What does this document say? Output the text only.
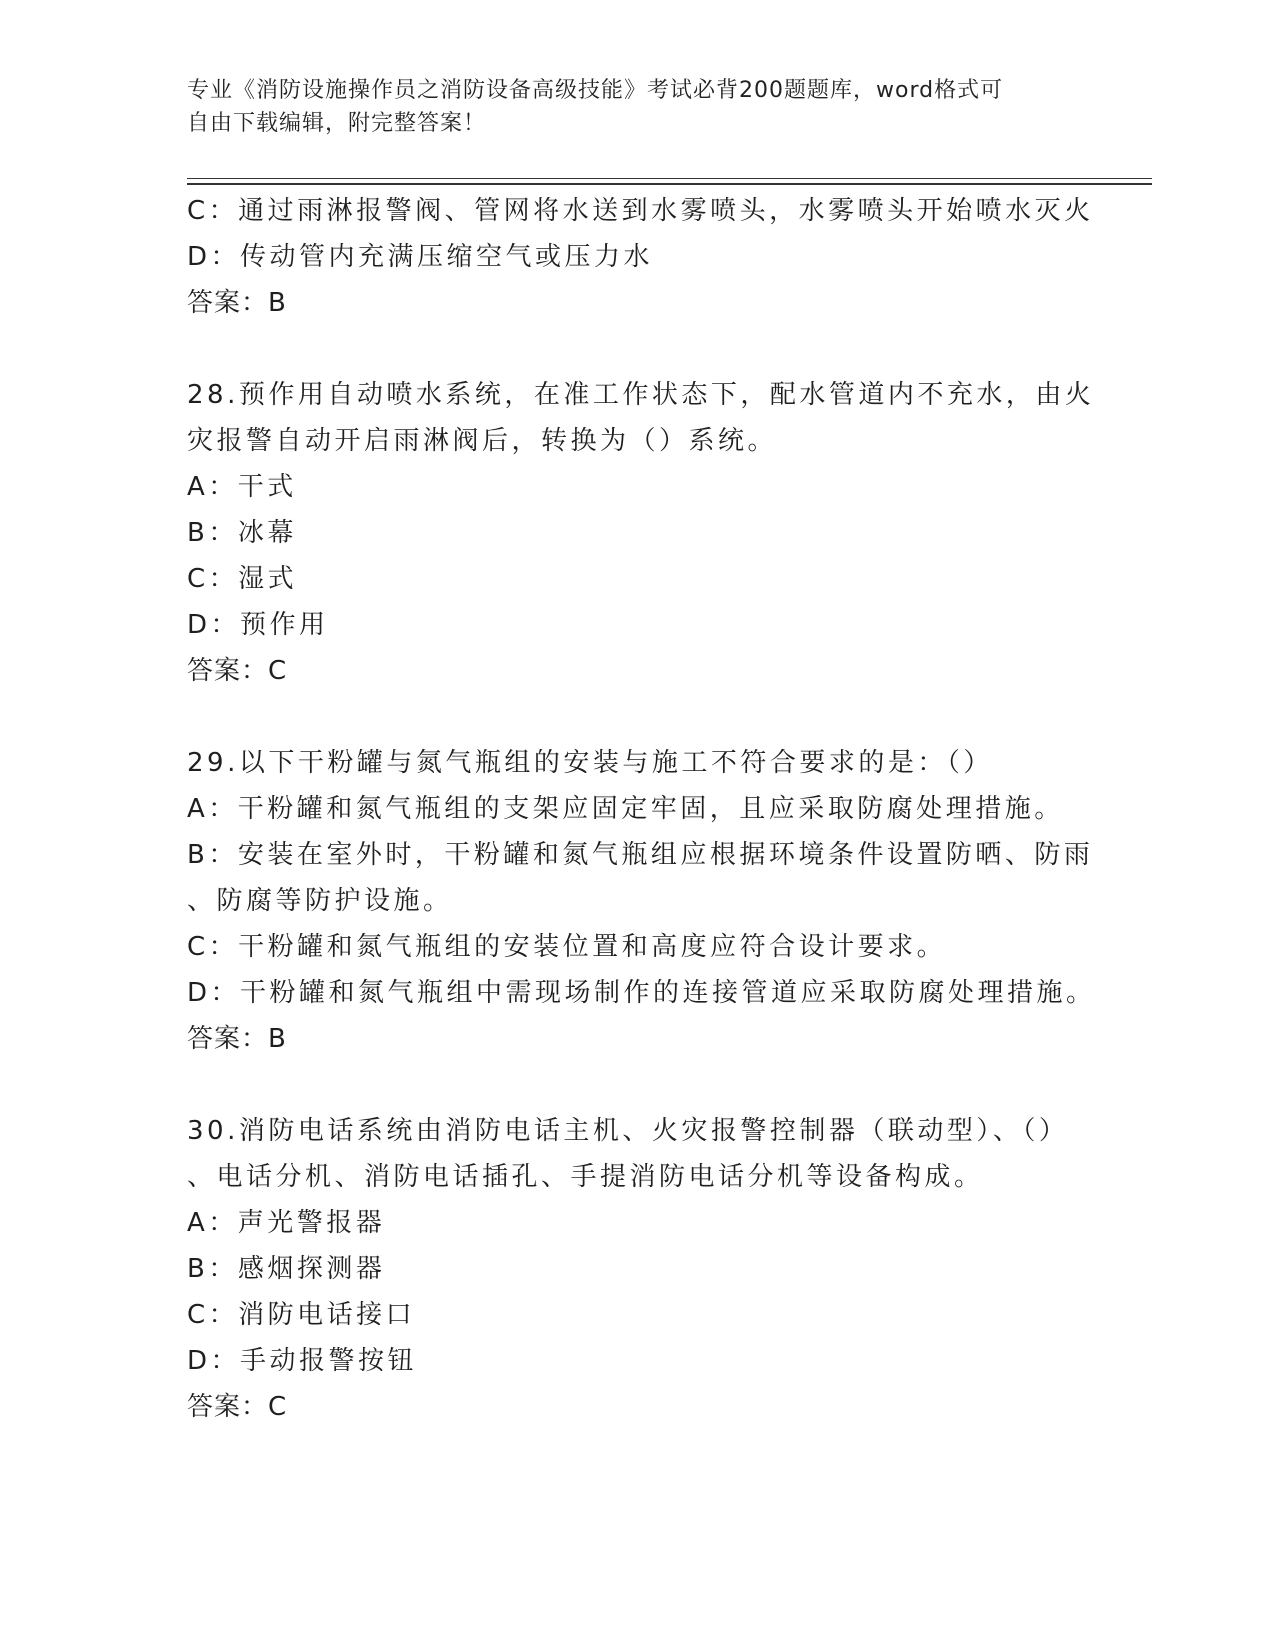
专业《消防设施操作员之消防设备高级技能》考试必背200题题库，word格式可
自由下载编辑，附完整答案！
C：通过雨淋报警阀、管网将水送到水雾喷头，水雾喷头开始喷水灭火
D：传动管内充满压缩空气或压力水
答案：B
28.预作用自动喷水系统，在准工作状态下，配水管道内不充水，由火
灾报警自动开启雨淋阀后，转换为（）系统。
A：干式
B：冰幕
C：湿式
D：预作用
答案：C
29.以下干粉罐与氮气瓶组的安装与施工不符合要求的是：（）
A：干粉罐和氮气瓶组的支架应固定牢固，且应采取防腐处理措施。
B：安装在室外时，干粉罐和氮气瓶组应根据环境条件设置防晒、防雨
、防腐等防护设施。
C：干粉罐和氮气瓶组的安装位置和高度应符合设计要求。
D：干粉罐和氮气瓶组中需现场制作的连接管道应采取防腐处理措施。
答案：B
30.消防电话系统由消防电话主机、火灾报警控制器（联动型）、（）
、电话分机、消防电话插孔、手提消防电话分机等设备构成。
A：声光警报器
B：感烟探测器
C：消防电话接口
D：手动报警按钮
答案：C
